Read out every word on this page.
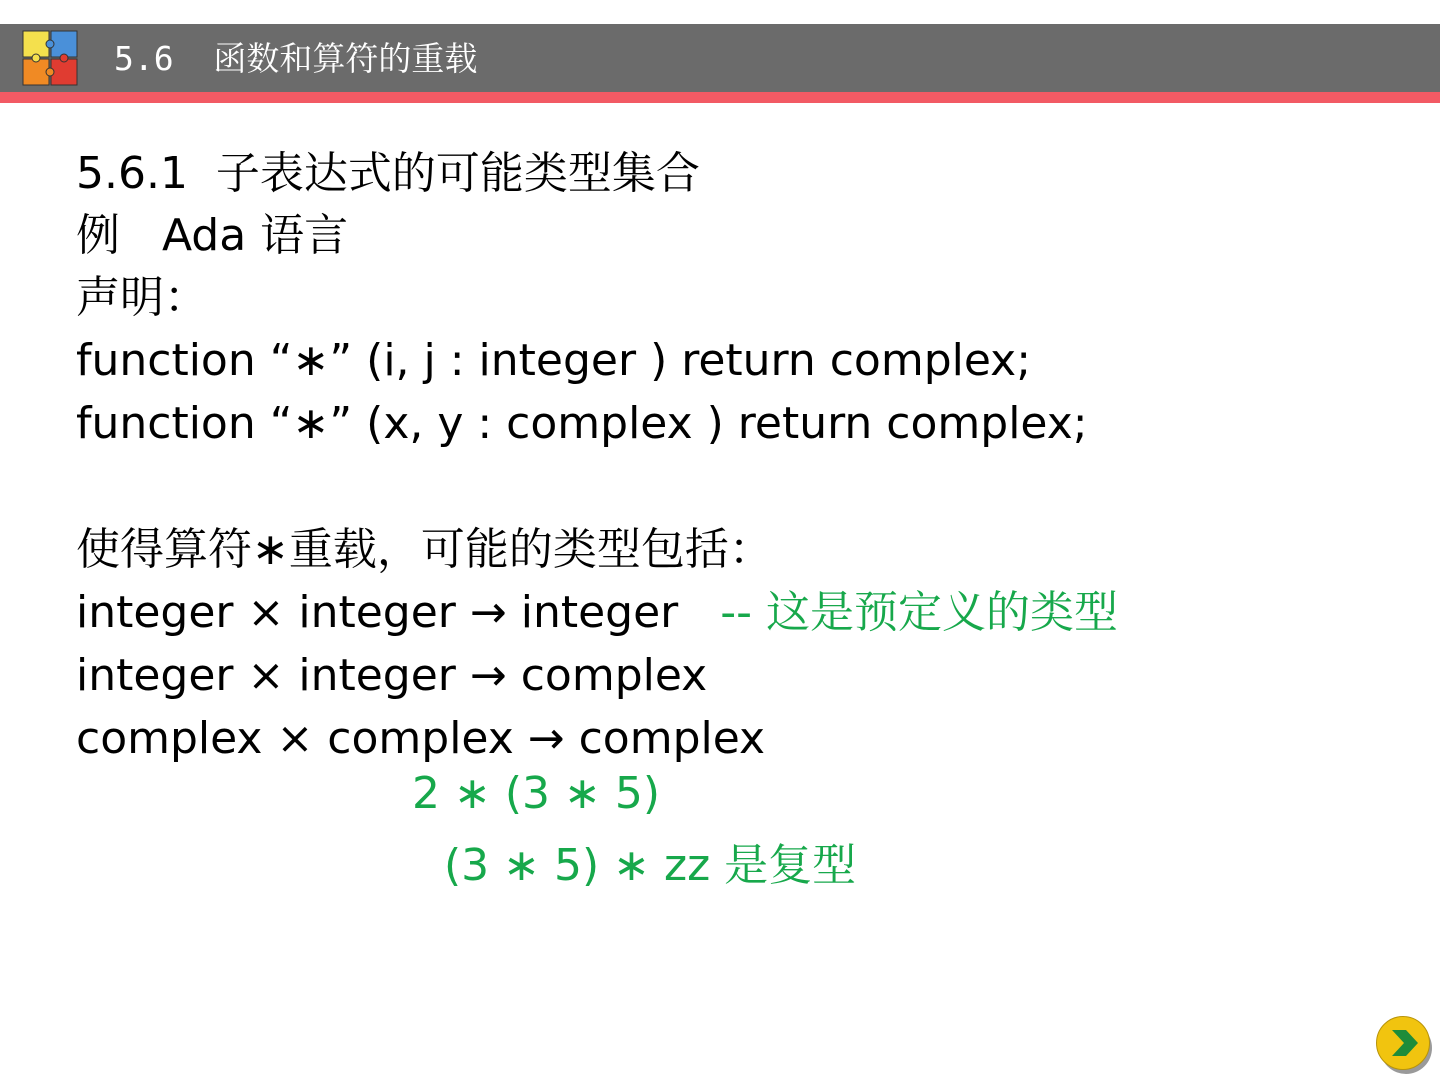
5.6  函数和算符的重载
5.6.1  子表达式的可能类型集合
例   Ada 语言
声明：
function “∗” (i, j : integer ) return complex;
function “∗” (x, y : complex ) return complex;
使得算符∗重载，可能的类型包括：
integer × integer → integer -- 这是预定义的类型
integer × integer → complex
complex × complex → complex
2 ∗ (3 ∗ 5)
(3 ∗ 5) ∗ zz 是复型
